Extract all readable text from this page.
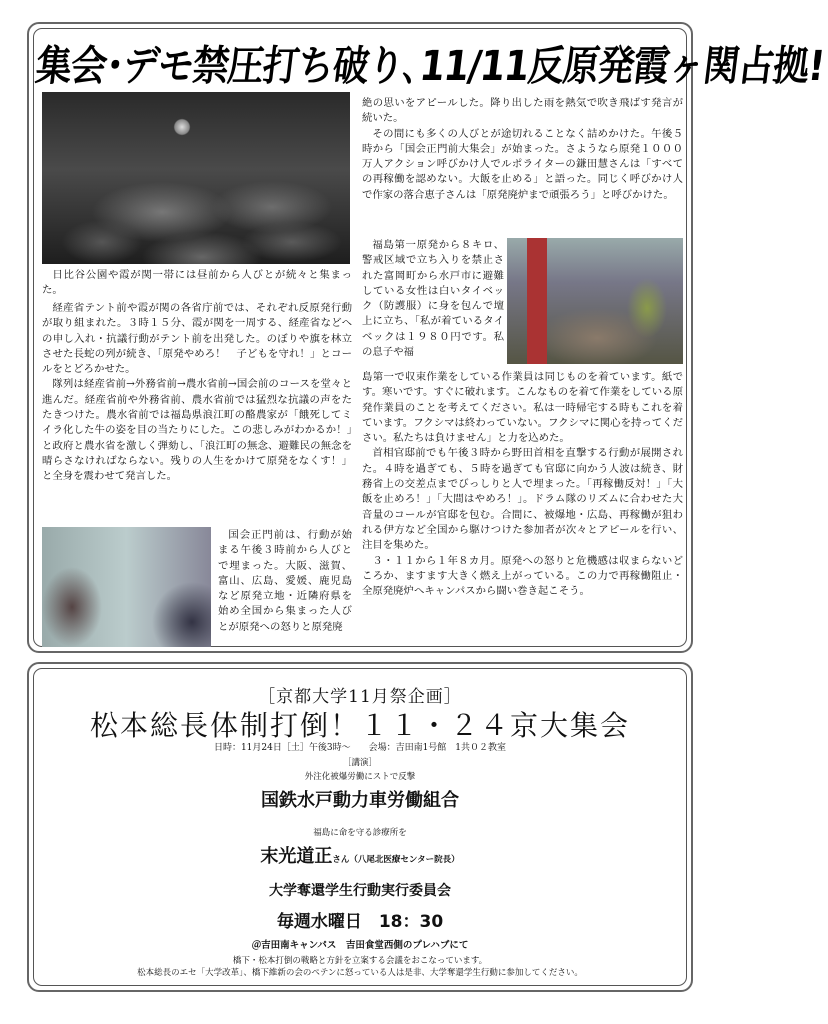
集会･デモ禁圧打ち破り､11/11反原発霞ヶ関占拠!

日比谷公園や霞が関一帯には昼前から人びとが続々と集まった。

経産省テント前や霞が関の各省庁前では、それぞれ反原発行動が取り組まれた。３時１５分、霞が関を一周する、経産省などへの申し入れ・抗議行動がテント前を出発した。のぼりや旗を林立させた長蛇の列が続き、「原発やめろ！　子どもを守れ！」とコールをとどろかせた。

隊列は経産省前→外務省前→農水省前→国会前のコースを堂々と進んだ。経産省前や外務省前、農水省前では猛烈な抗議の声をたたきつけた。農水省前では福島県浪江町の酪農家が「餓死してミイラ化した牛の姿を目の当たりにした。この悲しみがわかるか！」と政府と農水省を激しく弾劾し、「浪江町の無念、避難民の無念を晴らさなければならない。残りの人生をかけて原発をなくす！」と全身を震わせて発言した。

国会正門前は、行動が始まる午後３時前から人びとで埋まった。大阪、滋賀、富山、広島、愛媛、鹿児島など原発立地・近隣府県を始め全国から集まった人びとが原発への怒りと原発廃

絶の思いをアピールした。降り出した雨を熱気で吹き飛ばす発言が続いた。

その間にも多くの人びとが途切れることなく詰めかけた。午後５時から「国会正門前大集会」が始まった。さようなら原発１０００万人アクション呼びかけ人でルポライターの鎌田慧さんは「すべての再稼働を認めない。大飯を止める」と語った。同じく呼びかけ人で作家の落合恵子さんは「原発廃炉まで頑張ろう」と呼びかけた。

福島第一原発から８キロ、警戒区域で立ち入りを禁止された富岡町から水戸市に避難している女性は白いタイベック（防護服）に身を包んで壇上に立ち、「私が着ているタイベックは１９８０円です。私の息子や福

島第一で収束作業をしている作業員は同じものを着ています。紙です。寒いです。すぐに破れます。こんなものを着て作業をしている原発作業員のことを考えてください。私は一時帰宅する時もこれを着ています。フクシマは終わっていない。フクシマに関心を持ってください。私たちは負けません」と力を込めた。

首相官邸前でも午後３時から野田首相を直撃する行動が展開された。４時を過ぎても、５時を過ぎても官邸に向かう人波は続き、財務省上の交差点までびっしりと人で埋まった。「再稼働反対！」「大飯を止めろ！」「大間はやめろ！」。ドラム隊のリズムに合わせた大音量のコールが官邸を包む。合間に、被爆地・広島、再稼働が狙われる伊方など全国から駆けつけた参加者が次々とアピールを行い、注目を集めた。

３・１１から１年８カ月。原発への怒りと危機感は収まらないどころか、ますます大きく燃え上がっている。この力で再稼働阻止・全原発廃炉へキャンパスから闘い巻き起こそう。

［京都大学11月祭企画］
松本総長体制打倒！１１・２４京大集会
日時：11月24日［土］午後3時～　　会場：吉田南1号館　1共０２教室
［講演］
外注化被爆労働にストで反撃
国鉄水戸動力車労働組合
福島に命を守る診療所を
末光道正さん（八尾北医療センター院長）
大学奪還学生行動実行委員会
毎週水曜日　18：30
＠吉田南キャンパス　吉田食堂西側のプレハブにて
橋下・松本打倒の戦略と方針を立案する会議をおこなっています。
松本総長のエセ「大学改革」、橋下維新の会のペテンに怒っている人は是非、大学奪還学生行動に参加してください。
